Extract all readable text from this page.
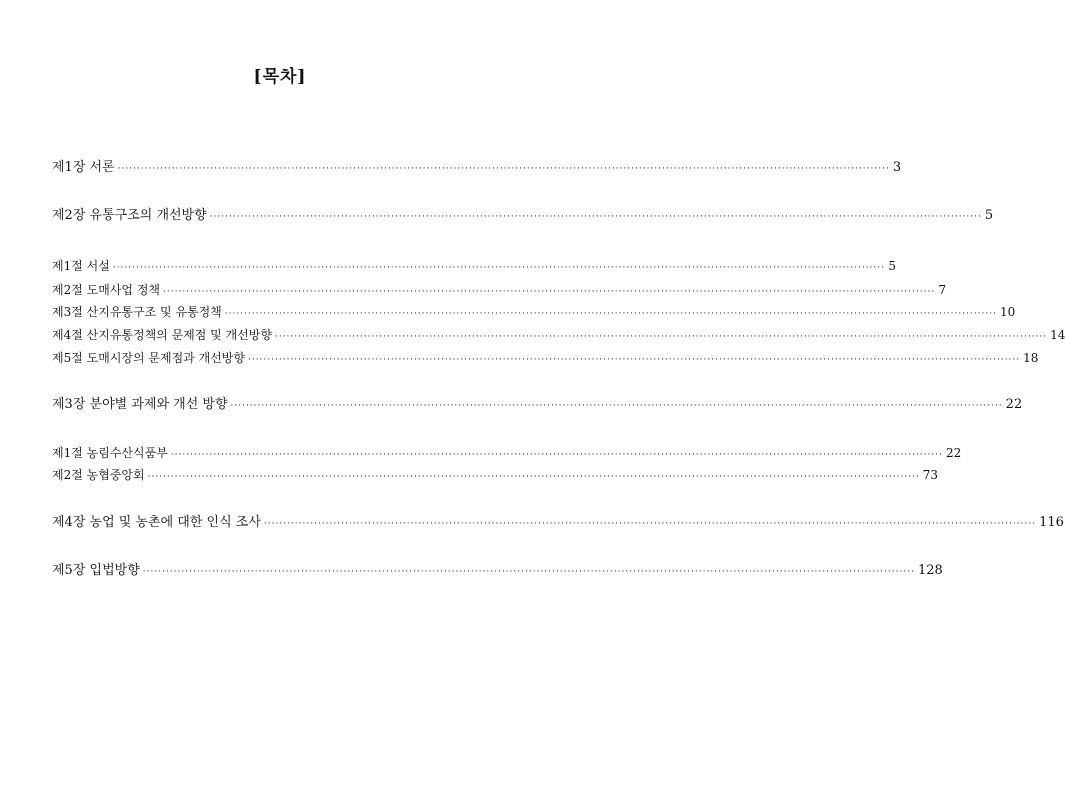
[목차]
제1장 서론 ········································································································································································································ 3
제2장 유통구조의 개선방향 ········································································································································································································ 5
제1절 서설 ········································································································································································································ 5
제2절 도매사업 정책 ········································································································································································································ 7
제3절 산지유통구조 및 유통정책 ········································································································································································································ 10
제4절 산지유통정책의 문제점 및 개선방향 ········································································································································································································ 14
제5절 도매시장의 문제점과 개선방향 ········································································································································································································ 18
제3장 분야별 과제와 개선 방향 ········································································································································································································ 22
제1절 농림수산식품부 ········································································································································································································ 22
제2절 농협중앙회 ········································································································································································································ 73
제4장 농업 및 농촌에 대한 인식 조사 ········································································································································································································ 116
제5장 입법방향 ········································································································································································································ 128
